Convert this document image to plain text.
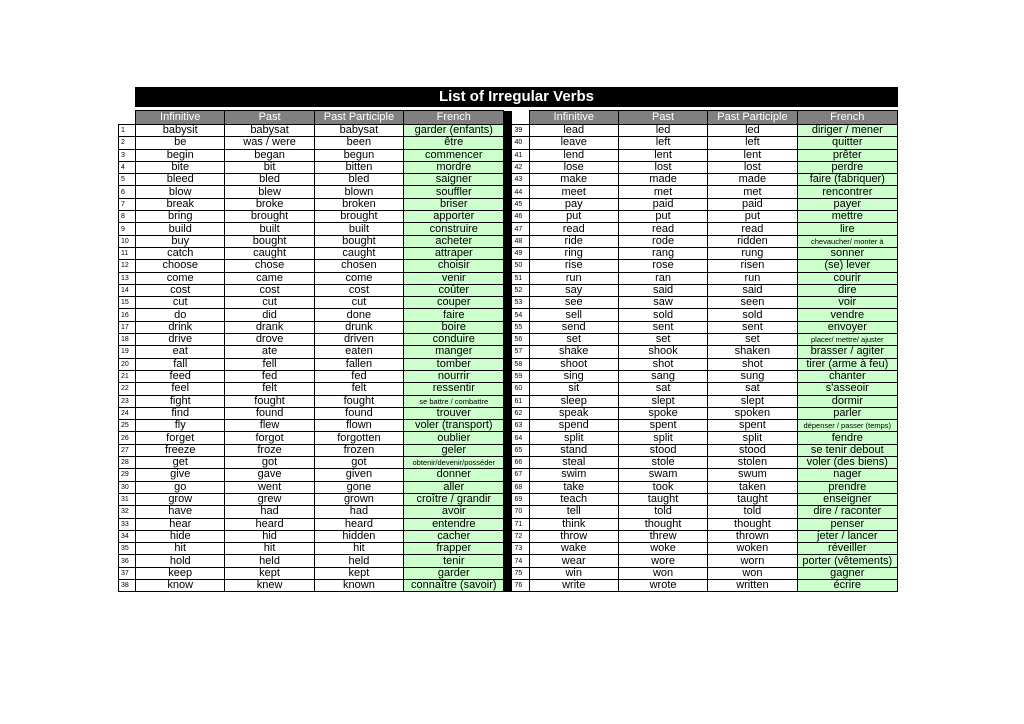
List of Irregular Verbs
	Infinitive	Past	Past Participle	French			Infinitive	Past	Past Participle	French
1	babysit	babysat	babysat	garder (enfants)		39	lead	led	led	diriger / mener
2	be	was / were	been	être		40	leave	left	left	quitter
3	begin	began	begun	commencer		41	lend	lent	lent	prêter
4	bite	bit	bitten	mordre		42	lose	lost	lost	perdre
5	bleed	bled	bled	saigner		43	make	made	made	faire (fabriquer)
6	blow	blew	blown	souffler		44	meet	met	met	rencontrer
7	break	broke	broken	briser		45	pay	paid	paid	payer
8	bring	brought	brought	apporter		46	put	put	put	mettre
9	build	built	built	construire		47	read	read	read	lire
10	buy	bought	bought	acheter		48	ride	rode	ridden	chevaucher/ monter à
11	catch	caught	caught	attraper		49	ring	rang	rung	sonner
12	choose	chose	chosen	choisir		50	rise	rose	risen	(se) lever
13	come	came	come	venir		51	run	ran	run	courir
14	cost	cost	cost	coûter		52	say	said	said	dire
15	cut	cut	cut	couper		53	see	saw	seen	voir
16	do	did	done	faire		54	sell	sold	sold	vendre
17	drink	drank	drunk	boire		55	send	sent	sent	envoyer
18	drive	drove	driven	conduire		56	set	set	set	placer/ mettre/ ajuster
19	eat	ate	eaten	manger		57	shake	shook	shaken	brasser / agiter
20	fall	fell	fallen	tomber		58	shoot	shot	shot	tirer (arme à feu)
21	feed	fed	fed	nourrir		59	sing	sang	sung	chanter
22	feel	felt	felt	ressentir		60	sit	sat	sat	s'asseoir
23	fight	fought	fought	se battre / combattre		61	sleep	slept	slept	dormir
24	find	found	found	trouver		62	speak	spoke	spoken	parler
25	fly	flew	flown	voler (transport)		63	spend	spent	spent	dépenser / passer (temps)
26	forget	forgot	forgotten	oublier		64	split	split	split	fendre
27	freeze	froze	frozen	geler		65	stand	stood	stood	se tenir debout
28	get	got	got	obtenir/devenir/posséder		66	steal	stole	stolen	voler (des biens)
29	give	gave	given	donner		67	swim	swam	swum	nager
30	go	went	gone	aller		68	take	took	taken	prendre
31	grow	grew	grown	croître / grandir		69	teach	taught	taught	enseigner
32	have	had	had	avoir		70	tell	told	told	dire / raconter
33	hear	heard	heard	entendre		71	think	thought	thought	penser
34	hide	hid	hidden	cacher		72	throw	threw	thrown	jeter / lancer
35	hit	hit	hit	frapper		73	wake	woke	woken	réveiller
36	hold	held	held	tenir		74	wear	wore	worn	porter (vêtements)
37	keep	kept	kept	garder		75	win	won	won	gagner
38	know	knew	known	connaître (savoir)		76	write	wrote	written	écrire
